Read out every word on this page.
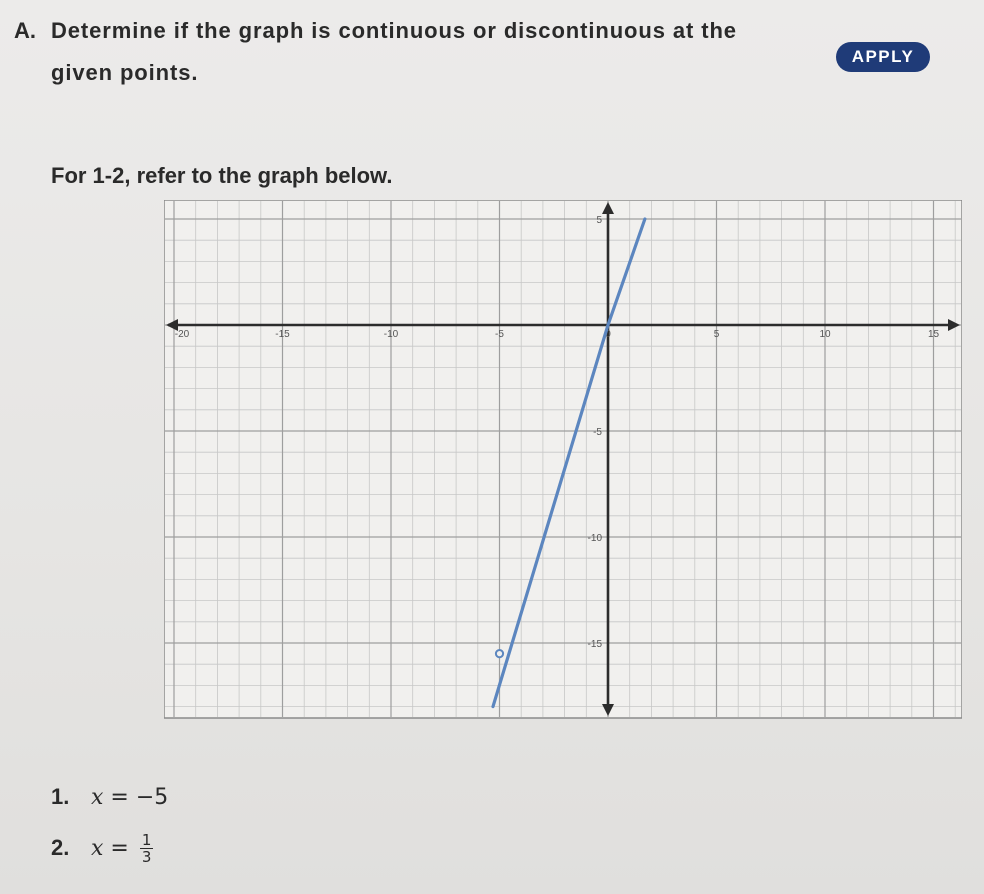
A. Determine if the graph is continuous or discontinuous at the
given points.
APPLY
For 1-2, refer to the graph below.
-20	-15	-10	-5	0	5	10	15
5
-5
-10
-15
1. x = −5
2. $x = \frac{1}{3}$
